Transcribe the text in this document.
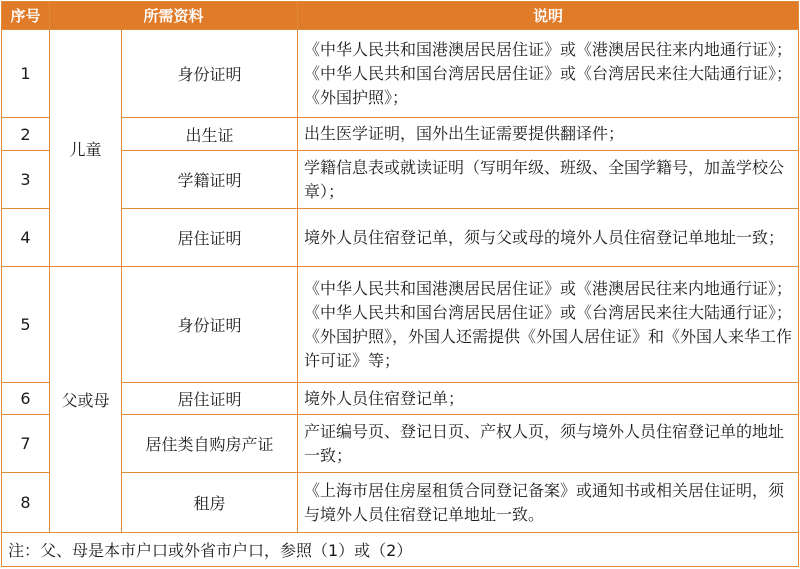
序号	所需资料		说明
1	儿童	身份证明	《中华人民共和国港澳居民居住证》或《港澳居民往来内地通行证》；《中华人民共和国台湾居民居住证》或《台湾居民来往大陆通行证》；《外国护照》；
2		出生证	出生医学证明，国外出生证需要提供翻译件；
3		学籍证明	学籍信息表或就读证明（写明年级、班级、全国学籍号，加盖学校公章）；
4		居住证明	境外人员住宿登记单，须与父或母的境外人员住宿登记单地址一致；
5	父或母	身份证明	《中华人民共和国港澳居民居住证》或《港澳居民往来内地通行证》；《中华人民共和国台湾居民居住证》或《台湾居民来往大陆通行证》；《外国护照》，外国人还需提供《外国人居住证》和《外国人来华工作许可证》等；
6		居住证明	境外人员住宿登记单；
7		居住类自购房产证	产证编号页、登记日页、产权人页，须与境外人员住宿登记单的地址一致；
8		租房	《上海市居住房屋租赁合同登记备案》或通知书或相关居住证明，须与境外人员住宿登记单地址一致。
注：父、母是本市户口或外省市户口，参照（1）或（2）			
